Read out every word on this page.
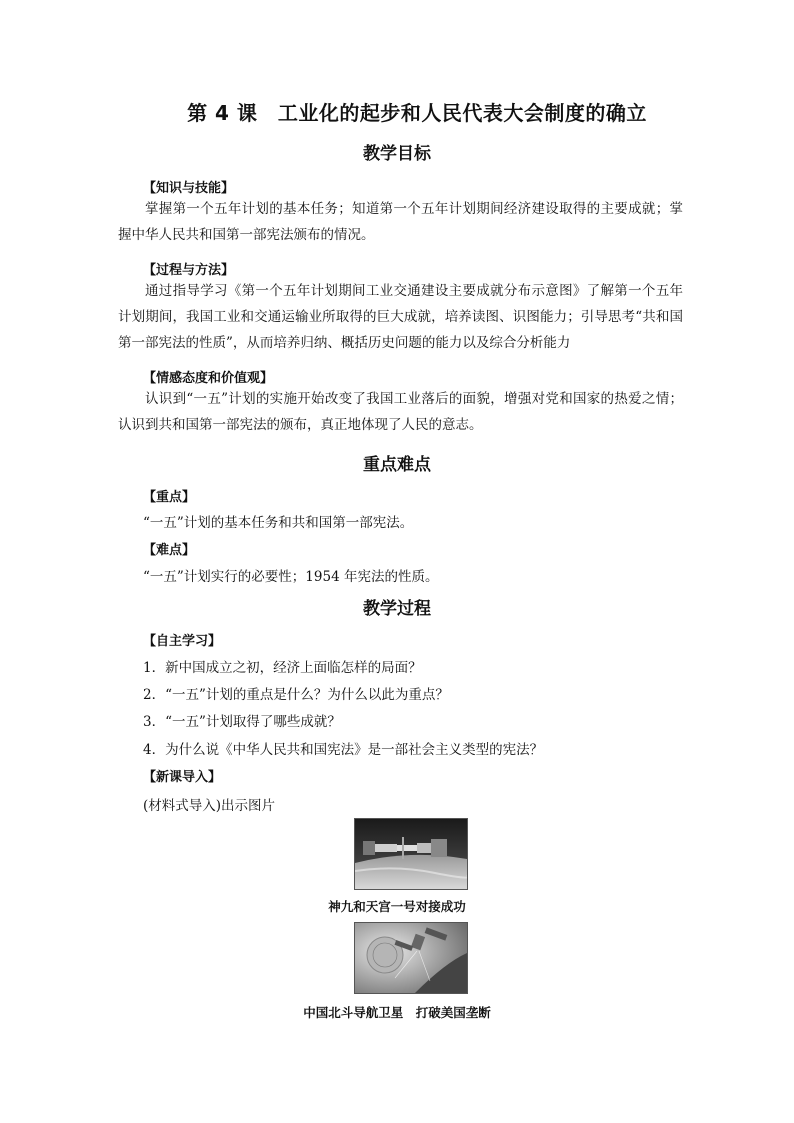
第 4 课　工业化的起步和人民代表大会制度的确立
教学目标
【知识与技能】
掌握第一个五年计划的基本任务；知道第一个五年计划期间经济建设取得的主要成就；掌握中华人民共和国第一部宪法颁布的情况。
【过程与方法】
通过指导学习《第一个五年计划期间工业交通建设主要成就分布示意图》了解第一个五年计划期间，我国工业和交通运输业所取得的巨大成就，培养读图、识图能力；引导思考“共和国第一部宪法的性质”，从而培养归纳、概括历史问题的能力以及综合分析能力
【情感态度和价值观】
认识到“一五”计划的实施开始改变了我国工业落后的面貌，增强对党和国家的热爱之情；认识到共和国第一部宪法的颁布，真正地体现了人民的意志。
重点难点
【重点】
“一五”计划的基本任务和共和国第一部宪法。
【难点】
“一五”计划实行的必要性；1954 年宪法的性质。
教学过程
【自主学习】
1．新中国成立之初，经济上面临怎样的局面？
2．“一五”计划的重点是什么？为什么以此为重点？
3．“一五”计划取得了哪些成就？
4．为什么说《中华人民共和国宪法》是一部社会主义类型的宪法？
【新课导入】
(材料式导入)出示图片
神九和天宫一号对接成功
中国北斗导航卫星　打破美国垄断
